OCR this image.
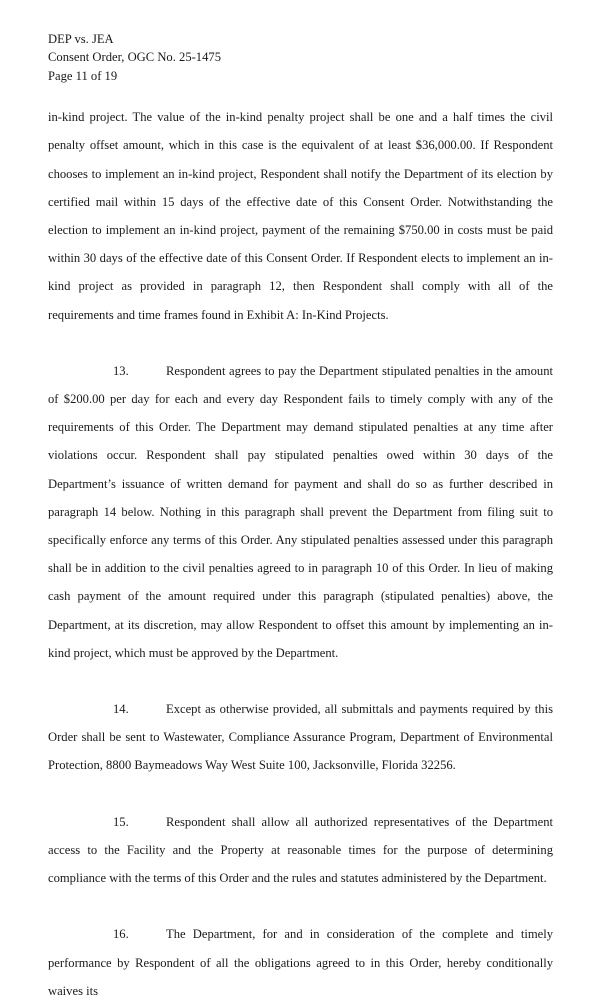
DEP vs. JEA
Consent Order, OGC No. 25-1475
Page 11 of 19

in-kind project. The value of the in-kind penalty project shall be one and a half times the civil penalty offset amount, which in this case is the equivalent of at least $36,000.00. If Respondent chooses to implement an in-kind project, Respondent shall notify the Department of its election by certified mail within 15 days of the effective date of this Consent Order. Notwithstanding the election to implement an in-kind project, payment of the remaining $750.00 in costs must be paid within 30 days of the effective date of this Consent Order. If Respondent elects to implement an in-kind project as provided in paragraph 12, then Respondent shall comply with all of the requirements and time frames found in Exhibit A: In-Kind Projects.

13.	Respondent agrees to pay the Department stipulated penalties in the amount of $200.00 per day for each and every day Respondent fails to timely comply with any of the requirements of this Order. The Department may demand stipulated penalties at any time after violations occur. Respondent shall pay stipulated penalties owed within 30 days of the Department’s issuance of written demand for payment and shall do so as further described in paragraph 14 below. Nothing in this paragraph shall prevent the Department from filing suit to specifically enforce any terms of this Order. Any stipulated penalties assessed under this paragraph shall be in addition to the civil penalties agreed to in paragraph 10 of this Order. In lieu of making cash payment of the amount required under this paragraph (stipulated penalties) above, the Department, at its discretion, may allow Respondent to offset this amount by implementing an in-kind project, which must be approved by the Department.

14.	Except as otherwise provided, all submittals and payments required by this Order shall be sent to Wastewater, Compliance Assurance Program, Department of Environmental Protection, 8800 Baymeadows Way West Suite 100, Jacksonville, Florida 32256.

15.	Respondent shall allow all authorized representatives of the Department access to the Facility and the Property at reasonable times for the purpose of determining compliance with the terms of this Order and the rules and statutes administered by the Department.

16.	The Department, for and in consideration of the complete and timely performance by Respondent of all the obligations agreed to in this Order, hereby conditionally waives its
